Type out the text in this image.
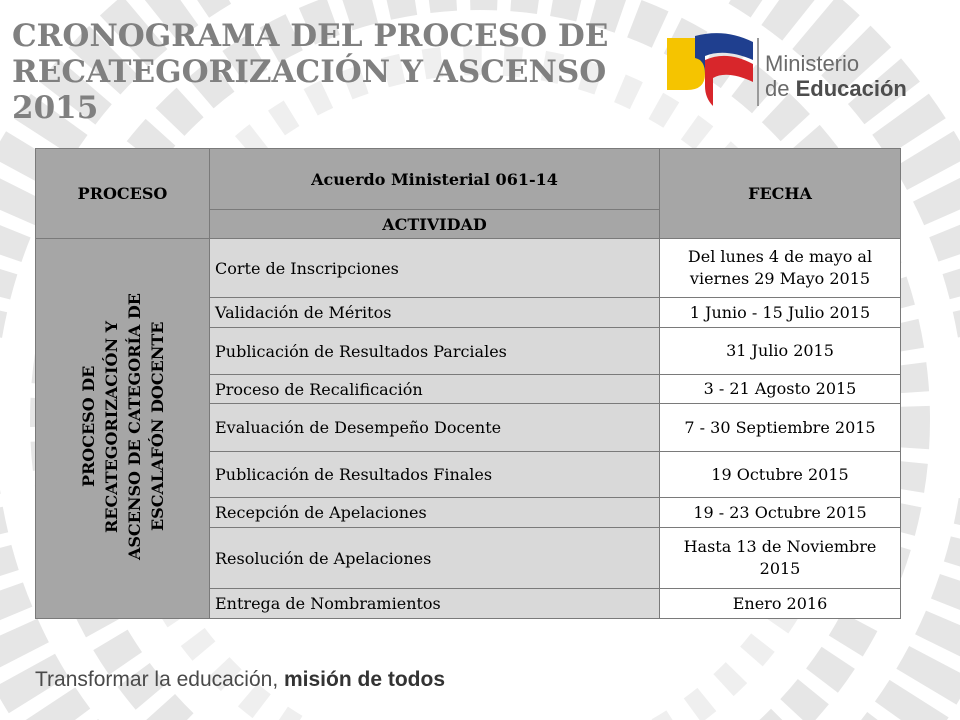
CRONOGRAMA DEL PROCESO DE
RECATEGORIZACIÓN Y ASCENSO
2015
Ministerio
de Educación
PROCESO	Acuerdo Ministerial 061-14	FECHA
	ACTIVIDAD	
PROCESO DE RECATEGORIZACIÓN Y ASCENSO DE CATEGORÍA DE ESCALAFÓN DOCENTE	Corte de Inscripciones	Del lunes 4 de mayo al
viernes 29 Mayo 2015
	Validación de Méritos	1 Junio - 15 Julio 2015
	Publicación de Resultados Parciales	31 Julio 2015
	Proceso de Recalificación	3 - 21 Agosto 2015
	Evaluación de Desempeño Docente	7 - 30 Septiembre 2015
	Publicación de Resultados Finales	19 Octubre 2015
	Recepción de Apelaciones	19 - 23 Octubre 2015
	Resolución de Apelaciones	Hasta 13 de Noviembre
2015
	Entrega de Nombramientos	Enero 2016
Transformar la educación, misión de todos
